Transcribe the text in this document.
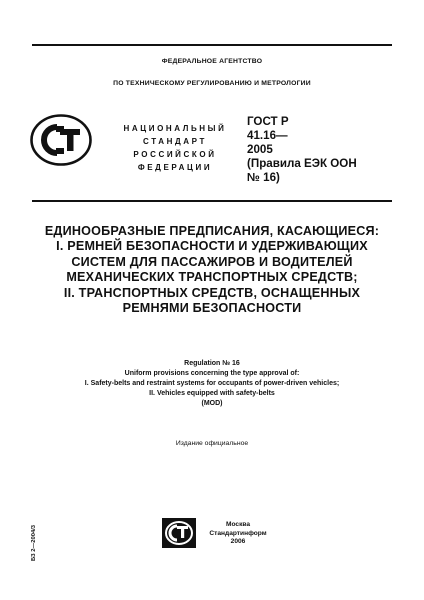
ФЕДЕРАЛЬНОЕ АГЕНТСТВО
ПО ТЕХНИЧЕСКОМУ РЕГУЛИРОВАНИЮ И МЕТРОЛОГИИ
НАЦИОНАЛЬНЫЙ
СТАНДАРТ
РОССИЙСКОЙ
ФЕДЕРАЦИИ
ГОСТ Р
41.16—
2005
(Правила ЕЭК ООН
№ 16)
ЕДИНООБРАЗНЫЕ ПРЕДПИСАНИЯ, КАСАЮЩИЕСЯ:
I. РЕМНЕЙ БЕЗОПАСНОСТИ И УДЕРЖИВАЮЩИХ
СИСТЕМ ДЛЯ ПАССАЖИРОВ И ВОДИТЕЛЕЙ
МЕХАНИЧЕСКИХ ТРАНСПОРТНЫХ СРЕДСТВ;
II. ТРАНСПОРТНЫХ СРЕДСТВ, ОСНАЩЕННЫХ
РЕМНЯМИ БЕЗОПАСНОСТИ
Regulation № 16
Uniform provisions concerning the type approval of:
I. Safety-belts and restraint systems for occupants of power-driven vehicles;
II. Vehicles equipped with safety-belts
(MOD)
Издание официальное
БЗ 2—2004/3
Москва
Стандартинформ
2006
